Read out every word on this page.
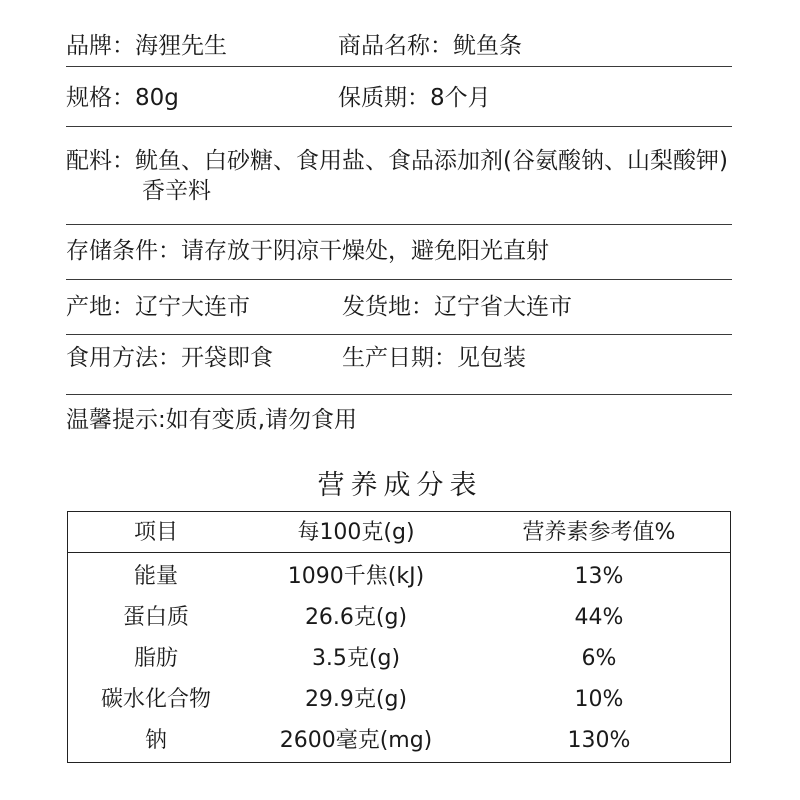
品牌：海狸先生	商品名称：鱿鱼条
规格：80g	保质期：8个月
配料：鱿鱼、白砂糖、食用盐、食品添加剂(谷氨酸钠、山梨酸钾)
香辛料
存储条件：请存放于阴凉干燥处，避免阳光直射
产地：辽宁大连市	发货地：辽宁省大连市
食用方法：开袋即食	生产日期：见包装
温馨提示:如有变质,请勿食用
营养成分表
项目	每100克(g)	营养素参考值%
能量	1090千焦(kJ)	13%
蛋白质	26.6克(g)	44%
脂肪	3.5克(g)	6%
碳水化合物	29.9克(g)	10%
钠	2600毫克(mg)	130%
